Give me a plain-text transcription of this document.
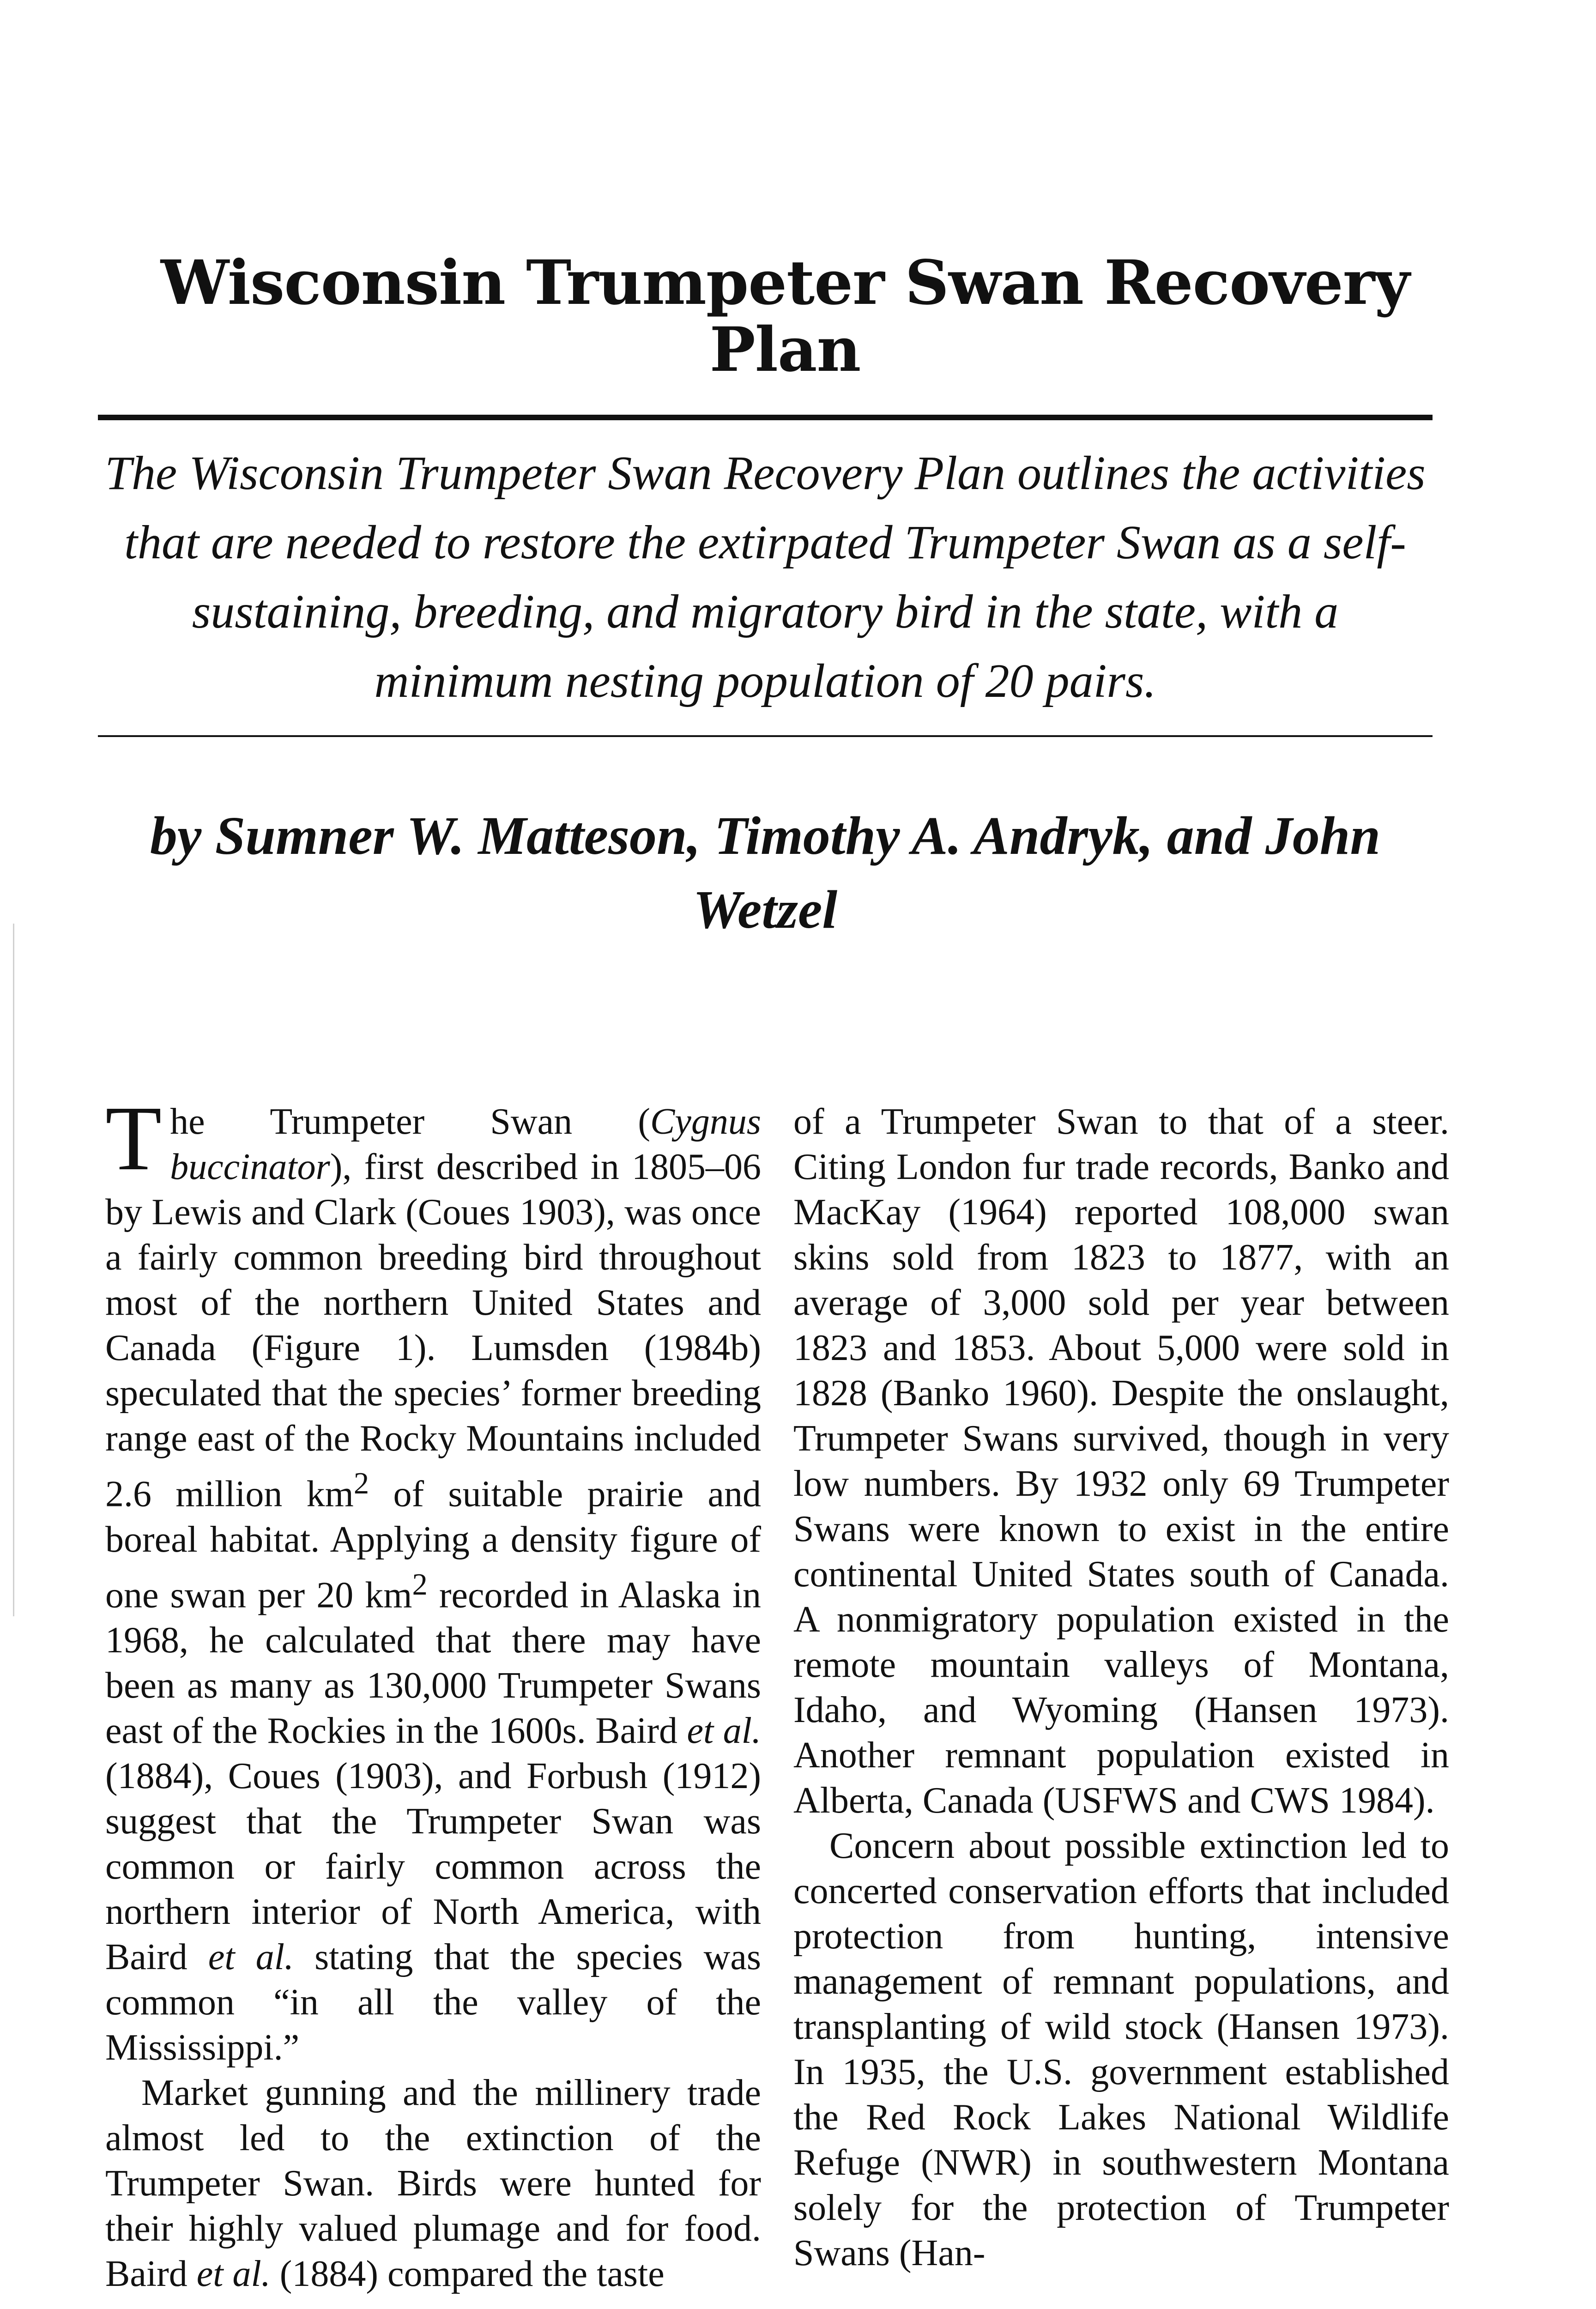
Wisconsin Trumpeter Swan Recovery Plan

The Wisconsin Trumpeter Swan Recovery Plan outlines the activities that are needed to restore the extirpated Trumpeter Swan as a self-sustaining, breeding, and migratory bird in the state, with a minimum nesting population of 20 pairs.

by Sumner W. Matteson, Timothy A. Andryk, and John Wetzel

The Trumpeter Swan (Cygnus buccinator), first described in 1805–06 by Lewis and Clark (Coues 1903), was once a fairly common breeding bird throughout most of the northern United States and Canada (Figure 1). Lumsden (1984b) speculated that the species’ former breeding range east of the Rocky Mountains included 2.6 million $km^2$ of suitable prairie and boreal habitat. Applying a density figure of one swan per 20 $km^2$ recorded in Alaska in 1968, he calculated that there may have been as many as 130,000 Trumpeter Swans east of the Rockies in the 1600s. Baird et al. (1884), Coues (1903), and Forbush (1912) suggest that the Trumpeter Swan was common or fairly common across the northern interior of North America, with Baird et al. stating that the species was common “in all the valley of the Mississippi.”

Market gunning and the millinery trade almost led to the extinction of the Trumpeter Swan. Birds were hunted for their highly valued plumage and for food. Baird et al. (1884) compared the taste

of a Trumpeter Swan to that of a steer. Citing London fur trade records, Banko and MacKay (1964) reported 108,000 swan skins sold from 1823 to 1877, with an average of 3,000 sold per year between 1823 and 1853. About 5,000 were sold in 1828 (Banko 1960). Despite the onslaught, Trumpeter Swans survived, though in very low numbers. By 1932 only 69 Trumpeter Swans were known to exist in the entire continental United States south of Canada. A nonmigratory population existed in the remote mountain valleys of Montana, Idaho, and Wyoming (Hansen 1973). Another remnant population existed in Alberta, Canada (USFWS and CWS 1984).

Concern about possible extinction led to concerted conservation efforts that included protection from hunting, intensive management of remnant populations, and transplanting of wild stock (Hansen 1973). In 1935, the U.S. government established the Red Rock Lakes National Wildlife Refuge (NWR) in southwestern Montana solely for the protection of Trumpeter Swans (Han-
